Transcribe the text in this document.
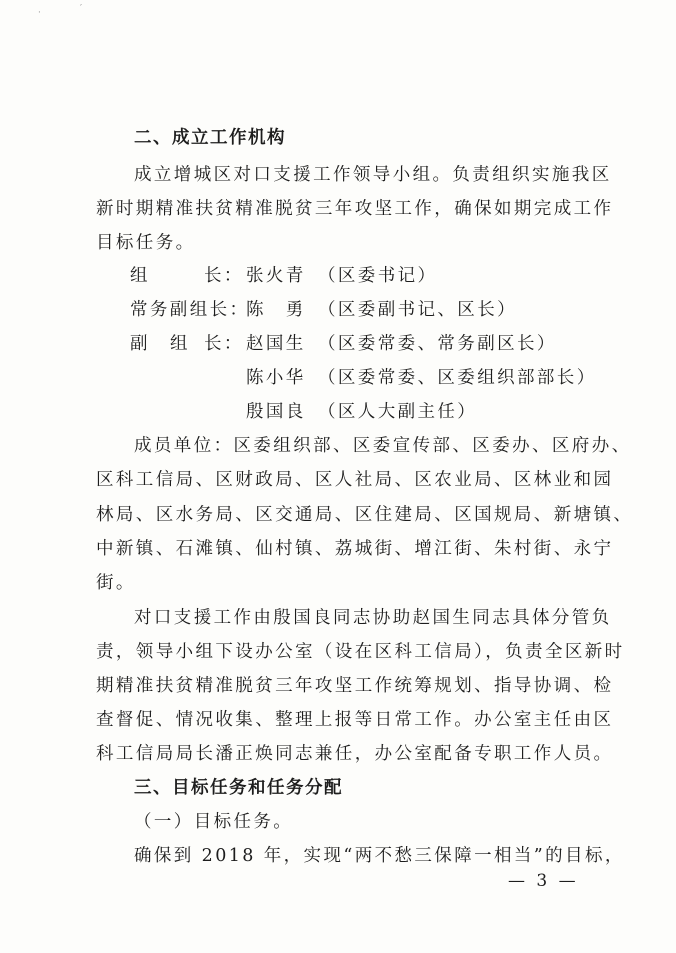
·	′
二、成立工作机构
成立增城区对口支援工作领导小组。负责组织实施我区
新时期精准扶贫精准脱贫三年攻坚工作，确保如期完成工作
目标任务。
组	长： 张火青 （区委书记）
常务副组长：
陈　勇 （区委副书记、区长）
副 组 长： 赵国生 （区委常委、常务副区长）
陈小华 （区委常委、区委组织部部长）
殷国良 （区人大副主任）
成员单位：区委组织部、区委宣传部、区委办、区府办、
区科工信局、区财政局、区人社局、区农业局、区林业和园
林局、区水务局、区交通局、区住建局、区国规局、新塘镇、
中新镇、石滩镇、仙村镇、荔城街、增江街、朱村街、永宁
街。
对口支援工作由殷国良同志协助赵国生同志具体分管负
责，领导小组下设办公室（设在区科工信局），负责全区新时
期精准扶贫精准脱贫三年攻坚工作统筹规划、指导协调、检
查督促、情况收集、整理上报等日常工作。办公室主任由区
科工信局局长潘正焕同志兼任，办公室配备专职工作人员。
三、目标任务和任务分配
（一）目标任务。
确保到 2018 年，实现“两不愁三保障一相当”的目标，
— 3 —
